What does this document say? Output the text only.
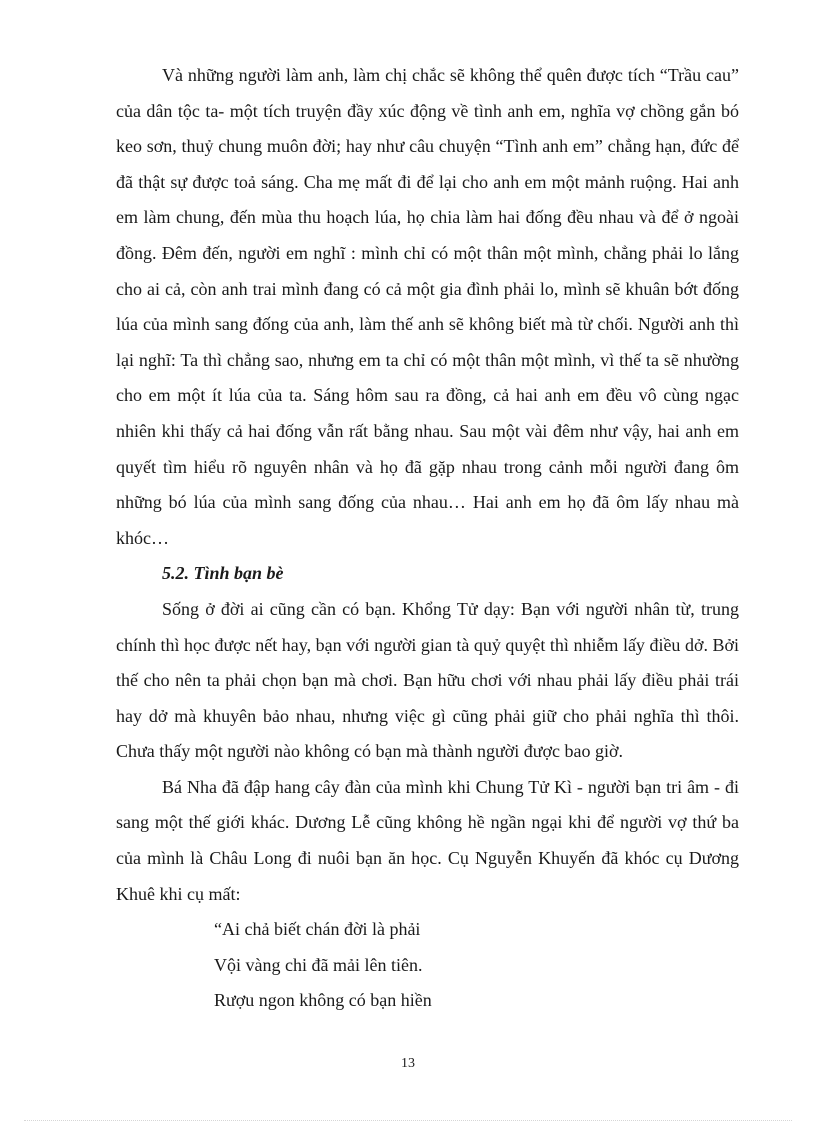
Và những người làm anh, làm chị chắc sẽ không thể quên được tích “Trầu cau” của dân tộc ta- một tích truyện đầy xúc động về tình anh em, nghĩa vợ chồng gắn bó keo sơn, thuỷ chung muôn đời; hay như câu chuyện “Tình anh em” chẳng hạn, đức để đã thật sự được toả sáng. Cha mẹ mất đi để lại cho anh em một mảnh ruộng. Hai anh em làm chung, đến mùa thu hoạch lúa, họ chia làm hai đống đều nhau và để ở ngoài đồng. Đêm đến, người em nghĩ : mình chỉ có một thân một mình, chẳng phải lo lắng cho ai cả, còn anh trai mình đang có cả một gia đình phải lo, mình sẽ khuân bớt đống lúa của mình sang đống của anh, làm thế anh sẽ không biết mà từ chối. Người anh thì lại nghĩ: Ta thì chẳng sao, nhưng em ta chỉ có một thân một mình, vì thế ta sẽ nhường cho em một ít lúa của ta. Sáng hôm sau ra đồng, cả hai anh em đều vô cùng ngạc nhiên khi thấy cả hai đống vẫn rất bằng nhau. Sau một vài đêm như vậy, hai anh em quyết tìm hiểu rõ nguyên nhân và họ đã gặp nhau trong cảnh mỗi người đang ôm những bó lúa của mình sang đống của nhau… Hai anh em họ đã ôm lấy nhau mà khóc…

5.2. Tình bạn bè

Sống ở đời ai cũng cần có bạn. Khổng Tử dạy: Bạn với người nhân từ, trung chính thì học được nết hay, bạn với người gian tà quỷ quyệt thì nhiễm lấy điều dở. Bởi thế cho nên ta phải chọn bạn mà chơi. Bạn hữu chơi với nhau phải lấy điều phải trái hay dở mà khuyên bảo nhau, nhưng việc gì cũng phải giữ cho phải nghĩa thì thôi. Chưa thấy một người nào không có bạn mà thành người được bao giờ.

Bá Nha đã đập hang cây đàn của mình khi Chung Tử Kì - người bạn tri âm - đi sang một thế giới khác. Dương Lễ cũng không hề ngần ngại khi để người vợ thứ ba của mình là Châu Long đi nuôi bạn ăn học. Cụ Nguyễn Khuyến đã khóc cụ Dương Khuê khi cụ mất:

“Ai chả biết chán đời là phải

Vội vàng chi đã mải lên tiên.

Rượu ngon không có bạn hiền

13
